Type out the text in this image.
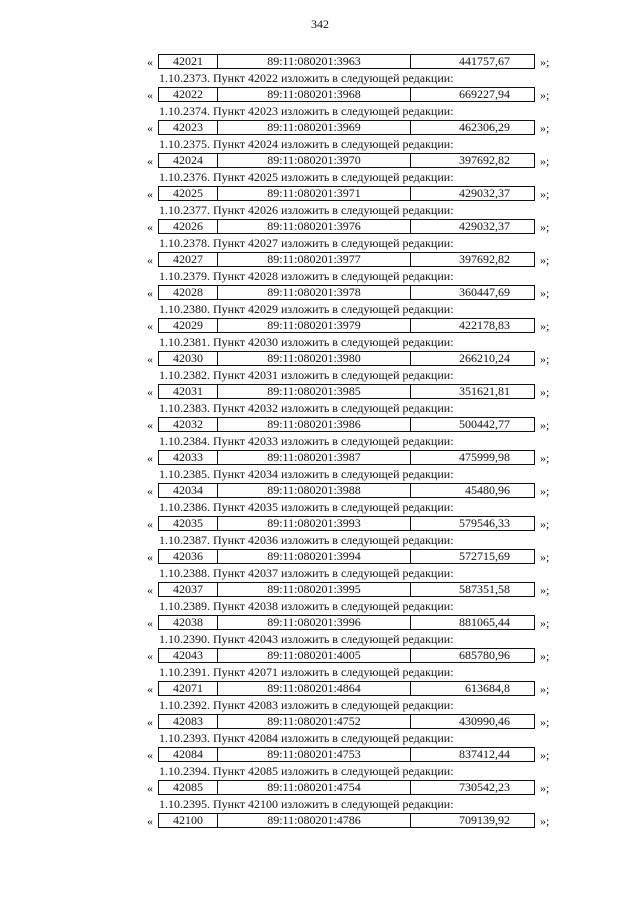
342
«	42021	89:11:080201:3963	441757,67	»;
1.10.2373. Пункт 42022 изложить в следующей редакции:
«	42022	89:11:080201:3968	669227,94	»;
1.10.2374. Пункт 42023 изложить в следующей редакции:
«	42023	89:11:080201:3969	462306,29	»;
1.10.2375. Пункт 42024 изложить в следующей редакции:
«	42024	89:11:080201:3970	397692,82	»;
1.10.2376. Пункт 42025 изложить в следующей редакции:
«	42025	89:11:080201:3971	429032,37	»;
1.10.2377. Пункт 42026 изложить в следующей редакции:
«	42026	89:11:080201:3976	429032,37	»;
1.10.2378. Пункт 42027 изложить в следующей редакции:
«	42027	89:11:080201:3977	397692,82	»;
1.10.2379. Пункт 42028 изложить в следующей редакции:
«	42028	89:11:080201:3978	360447,69	»;
1.10.2380. Пункт 42029 изложить в следующей редакции:
«	42029	89:11:080201:3979	422178,83	»;
1.10.2381. Пункт 42030 изложить в следующей редакции:
«	42030	89:11:080201:3980	266210,24	»;
1.10.2382. Пункт 42031 изложить в следующей редакции:
«	42031	89:11:080201:3985	351621,81	»;
1.10.2383. Пункт 42032 изложить в следующей редакции:
«	42032	89:11:080201:3986	500442,77	»;
1.10.2384. Пункт 42033 изложить в следующей редакции:
«	42033	89:11:080201:3987	475999,98	»;
1.10.2385. Пункт 42034 изложить в следующей редакции:
«	42034	89:11:080201:3988	45480,96	»;
1.10.2386. Пункт 42035 изложить в следующей редакции:
«	42035	89:11:080201:3993	579546,33	»;
1.10.2387. Пункт 42036 изложить в следующей редакции:
«	42036	89:11:080201:3994	572715,69	»;
1.10.2388. Пункт 42037 изложить в следующей редакции:
«	42037	89:11:080201:3995	587351,58	»;
1.10.2389. Пункт 42038 изложить в следующей редакции:
«	42038	89:11:080201:3996	881065,44	»;
1.10.2390. Пункт 42043 изложить в следующей редакции:
«	42043	89:11:080201:4005	685780,96	»;
1.10.2391. Пункт 42071 изложить в следующей редакции:
«	42071	89:11:080201:4864	613684,8	»;
1.10.2392. Пункт 42083 изложить в следующей редакции:
«	42083	89:11:080201:4752	430990,46	»;
1.10.2393. Пункт 42084 изложить в следующей редакции:
«	42084	89:11:080201:4753	837412,44	»;
1.10.2394. Пункт 42085 изложить в следующей редакции:
«	42085	89:11:080201:4754	730542,23	»;
1.10.2395. Пункт 42100 изложить в следующей редакции:
«	42100	89:11:080201:4786	709139,92	»;
